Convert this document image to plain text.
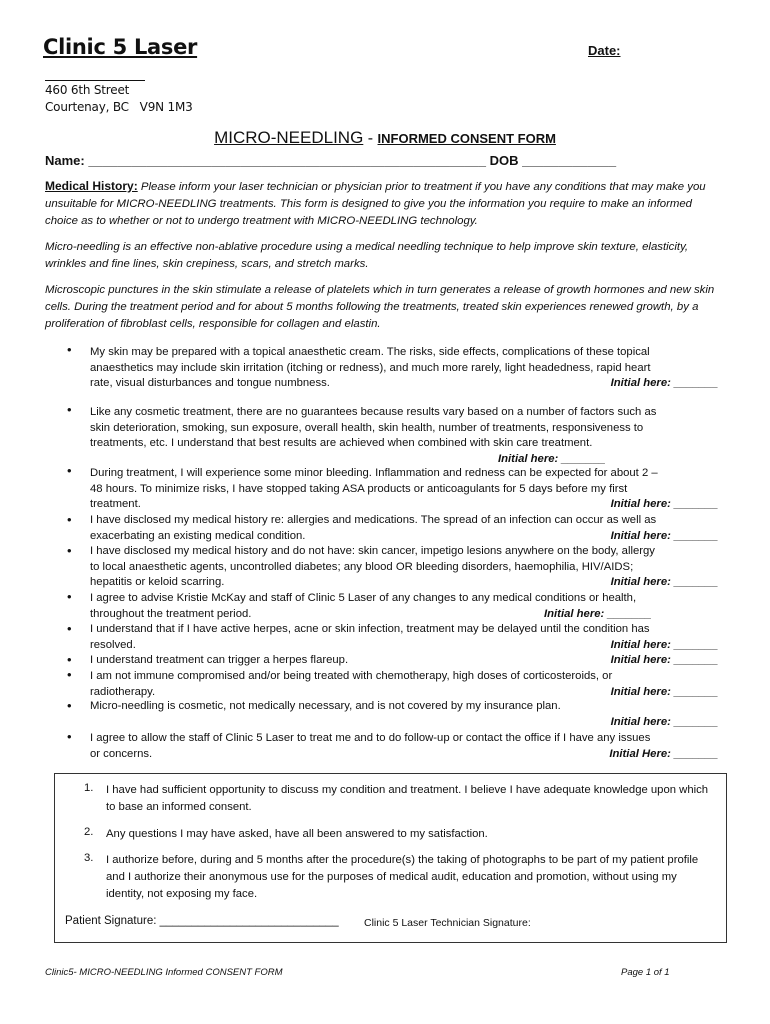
Clinic 5 Laser	Date:
460 6th Street
Courtenay, BC   V9N 1M3
MICRO-NEEDLING - INFORMED CONSENT FORM
Name: _______________________________________________________ DOB _____________
Medical History: Please inform your laser technician or physician prior to treatment if you have any conditions that may make you unsuitable for MICRO-NEEDLING treatments. This form is designed to give you the information you require to make an informed choice as to whether or not to undergo treatment with MICRO-NEEDLING technology.
Micro-needling is an effective non-ablative procedure using a medical needling technique to help improve skin texture, elasticity, wrinkles and fine lines, skin crepiness, scars, and stretch marks.
Microscopic punctures in the skin stimulate a release of platelets which in turn generates a release of growth hormones and new skin cells. During the treatment period and for about 5 months following the treatments, treated skin experiences renewed growth, by a proliferation of fibroblast cells, responsible for collagen and elastin.
• My skin may be prepared with a topical anaesthetic cream. The risks, side effects, complications of these topical
anaesthetics may include skin irritation (itching or redness), and much more rarely, light headedness, rapid heart
rate, visual disturbances and tongue numbness.	Initial here: _______
• Like any cosmetic treatment, there are no guarantees because results vary based on a number of factors such as
skin deterioration, smoking, sun exposure, overall health, skin health, number of treatments, responsiveness to
treatments, etc. I understand that best results are achieved when combined with skin care treatment.
Initial here: _______
• During treatment, I will experience some minor bleeding. Inflammation and redness can be expected for about 2 –
48 hours. To minimize risks, I have stopped taking ASA products or anticoagulants for 5 days before my first
treatment.	Initial here: _______
• I have disclosed my medical history re: allergies and medications. The spread of an infection can occur as well as
exacerbating an existing medical condition.	Initial here: _______
• I have disclosed my medical history and do not have: skin cancer, impetigo lesions anywhere on the body, allergy
to local anaesthetic agents, uncontrolled diabetes; any blood OR bleeding disorders, haemophilia, HIV/AIDS;
hepatitis or keloid scarring.	Initial here: _______
• I agree to advise Kristie McKay and staff of Clinic 5 Laser of any changes to any medical conditions or health,
throughout the treatment period.	Initial here: _______
• I understand that if I have active herpes, acne or skin infection, treatment may be delayed until the condition has
resolved.	Initial here: _______
• I understand treatment can trigger a herpes flareup.	Initial here: _______
• I am not immune compromised and/or being treated with chemotherapy, high doses of corticosteroids, or
radiotherapy.	Initial here: _______
• Micro-needling is cosmetic, not medically necessary, and is not covered by my insurance plan.
Initial here: _______
• I agree to allow the staff of Clinic 5 Laser to treat me and to do follow-up or contact the office if I have any issues
or concerns.	Initial Here: _______
1. I have had sufficient opportunity to discuss my condition and treatment. I believe I have adequate knowledge upon which to base an informed consent.
2. Any questions I may have asked, have all been answered to my satisfaction.
3. I authorize before, during and 5 months after the procedure(s) the taking of photographs to be part of my patient profile and I authorize their anonymous use for the purposes of medical audit, education and promotion, without using my identity, not exposing my face.
Patient Signature: ____________________________ Clinic 5 Laser Technician Signature:
Clinic5- MICRO-NEEDLING Informed CONSENT FORM	Page 1 of 1
